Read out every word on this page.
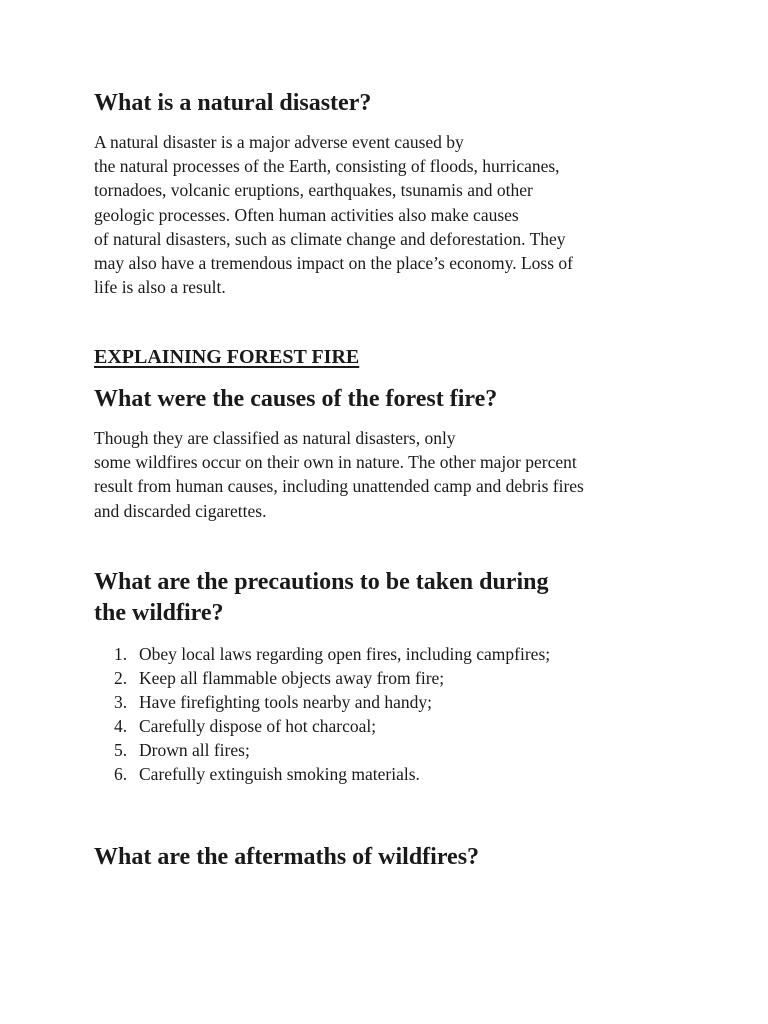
What is a natural disaster?

A natural disaster is a major adverse event caused by
the natural processes of the Earth, consisting of floods, hurricanes,
tornadoes, volcanic eruptions, earthquakes, tsunamis and other
geologic processes. Often human activities also make causes
of natural disasters, such as climate change and deforestation. They
may also have a tremendous impact on the place’s economy. Loss of
life is also a result.

EXPLAINING FOREST FIRE
What were the causes of the forest fire?

Though they are classified as natural disasters, only
some wildfires occur on their own in nature. The other major percent
result from human causes, including unattended camp and debris fires
and discarded cigarettes.

What are the precautions to be taken during
the wildfire?
1. Obey local laws regarding open fires, including campfires;
2. Keep all flammable objects away from fire;
3. Have firefighting tools nearby and handy;
4. Carefully dispose of hot charcoal;
5. Drown all fires;
6. Carefully extinguish smoking materials.
What are the aftermaths of wildfires?
